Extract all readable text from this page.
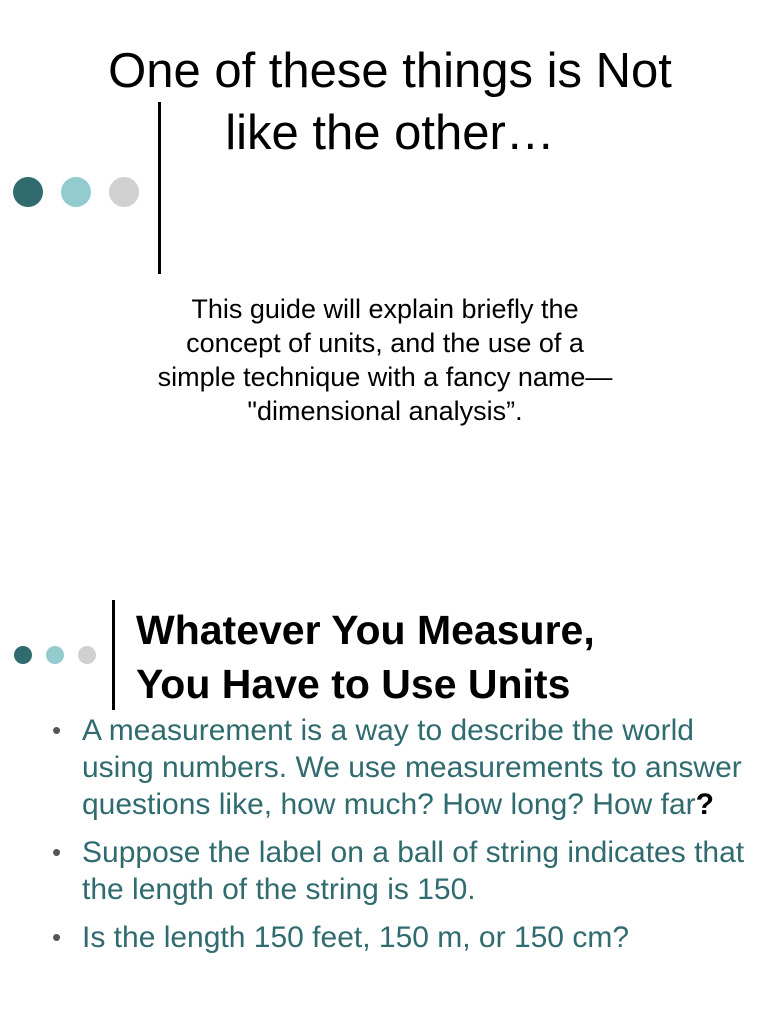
One of these things is Not
like the other…
This guide will explain briefly the
concept of units, and the use of a
simple technique with a fancy name—
"dimensional analysis”.
Whatever You Measure,
You Have to Use Units
• A measurement is a way to describe the world using numbers. We use measurements to answer questions like, how much? How long? How far?
• Suppose the label on a ball of string indicates that the length of the string is 150.
• Is the length 150 feet, 150 m, or 150 cm?
